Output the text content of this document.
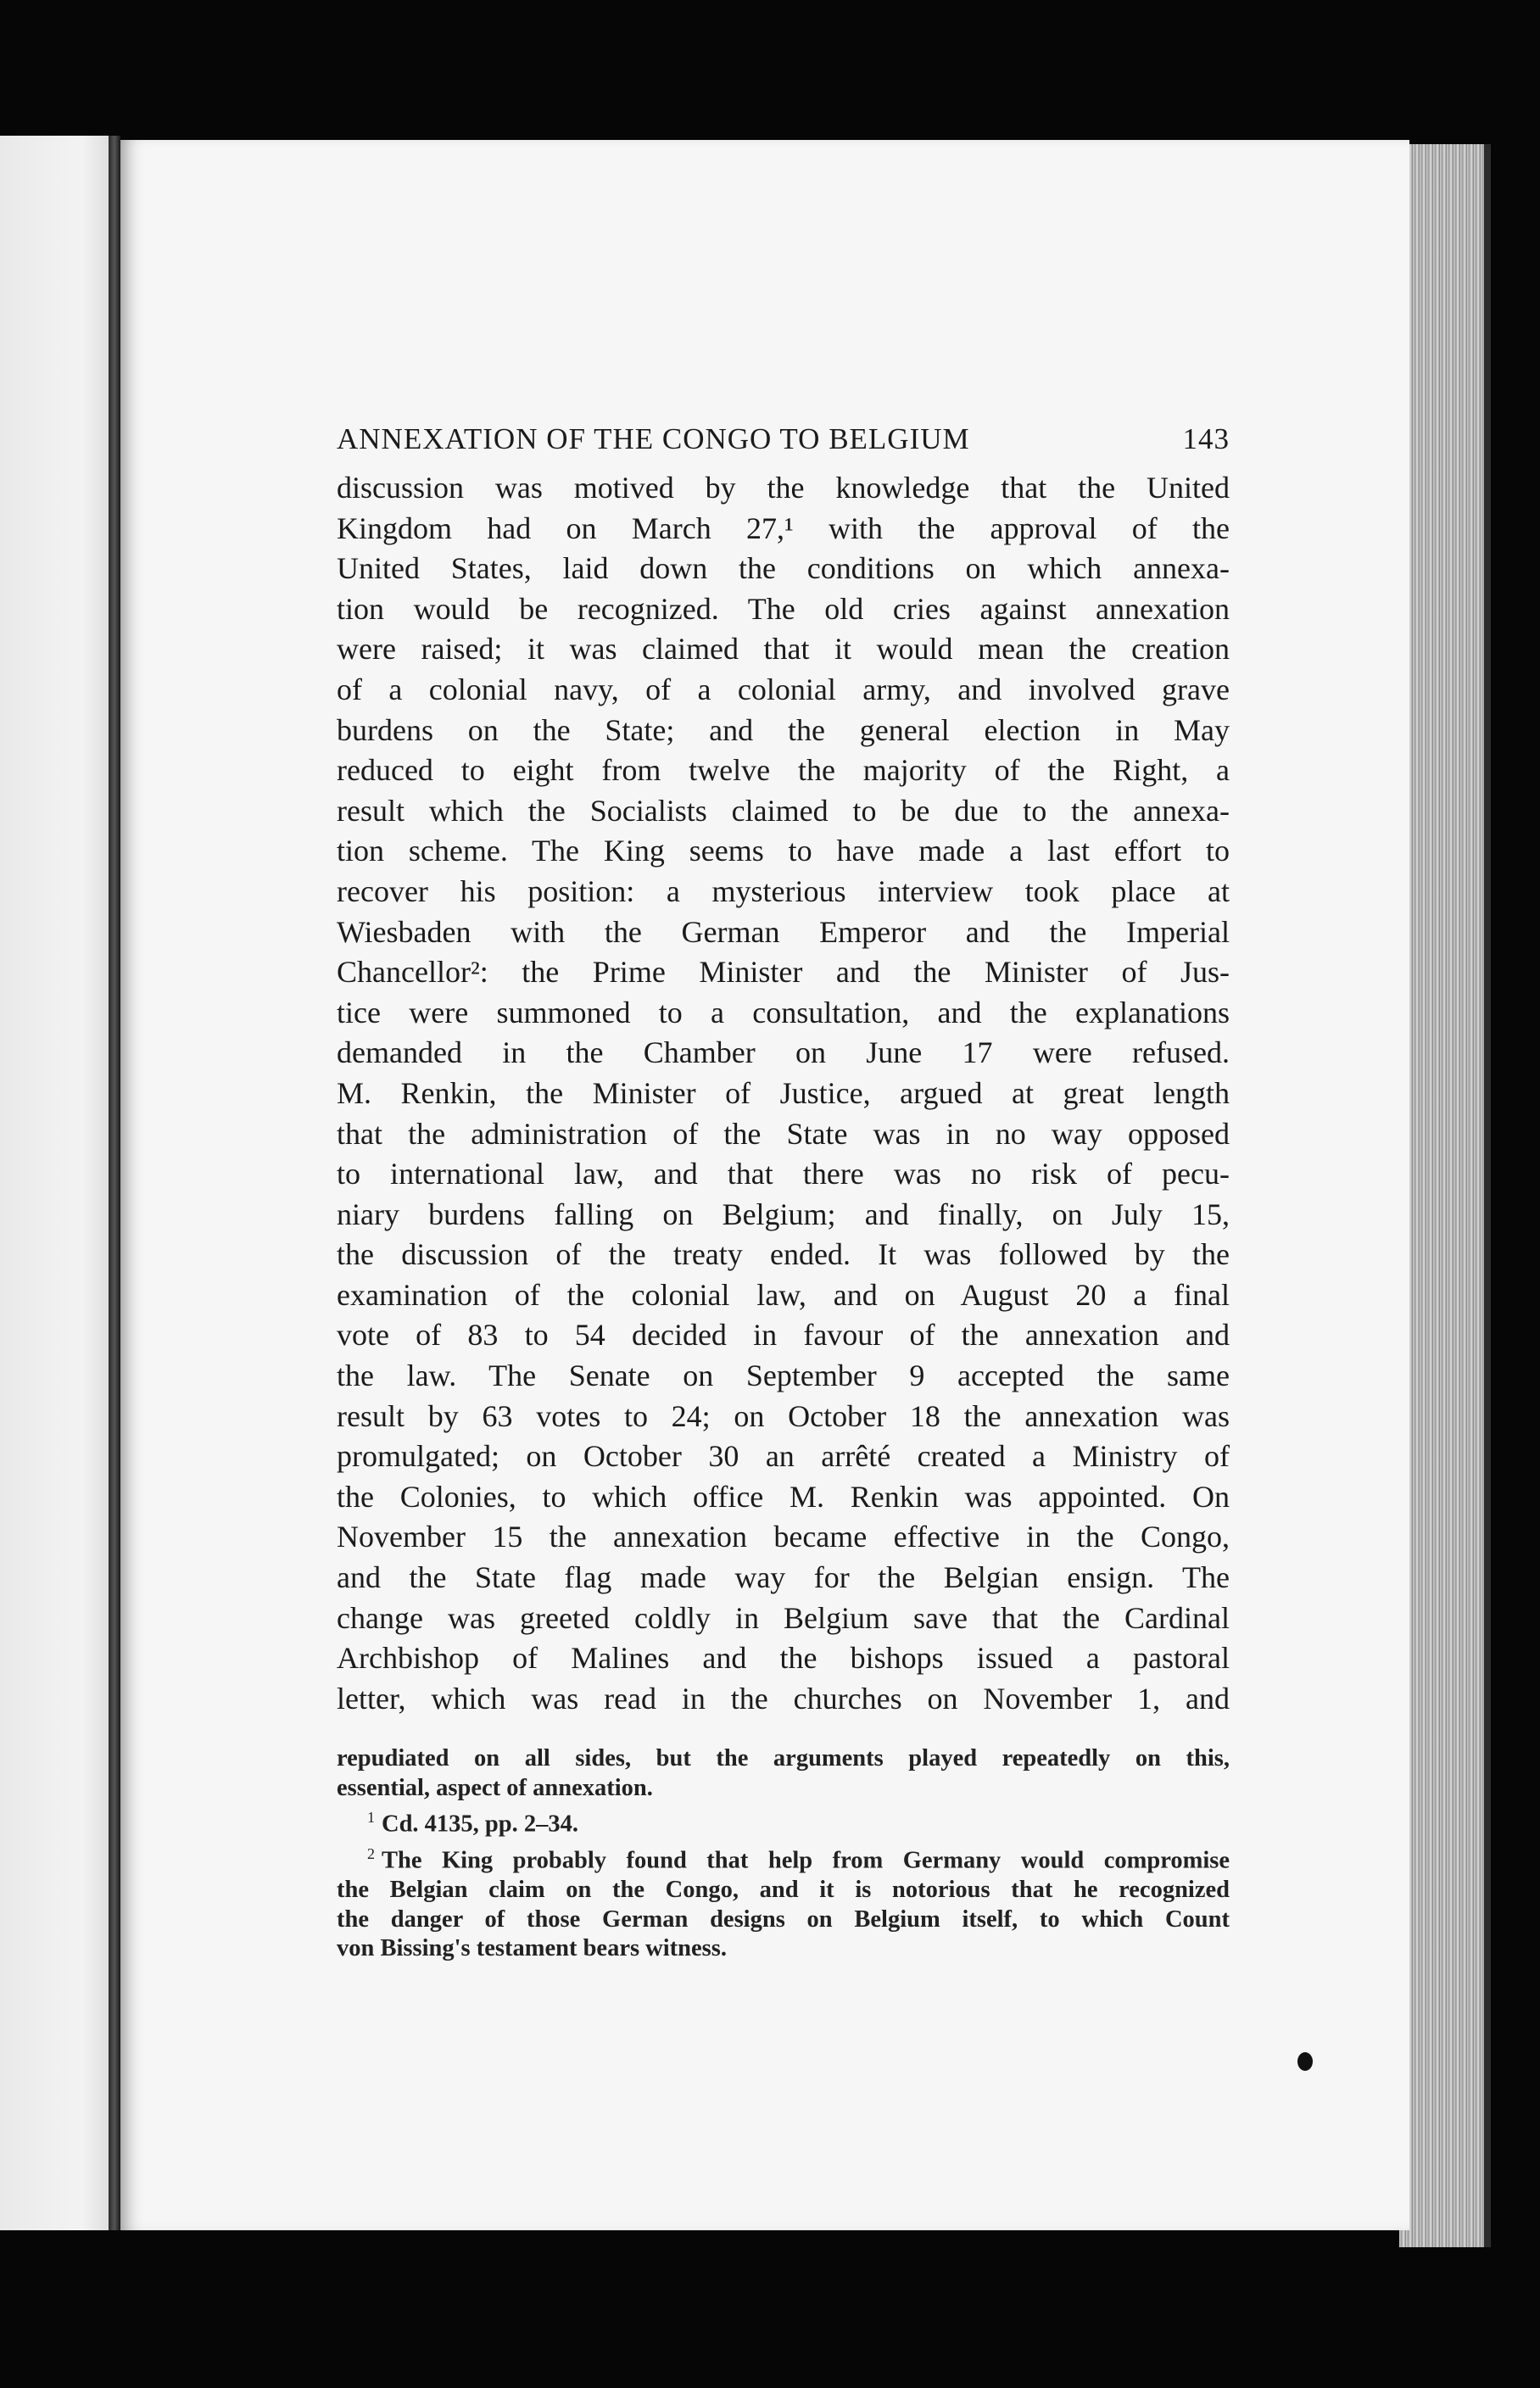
ANNEXATION OF THE CONGO TO BELGIUM	143

discussion was motived by the knowledge that the United
Kingdom had on March 27,¹ with the approval of the
United States, laid down the conditions on which annexa-
tion would be recognized. The old cries against annexation
were raised; it was claimed that it would mean the creation
of a colonial navy, of a colonial army, and involved grave
burdens on the State; and the general election in May
reduced to eight from twelve the majority of the Right, a
result which the Socialists claimed to be due to the annexa-
tion scheme. The King seems to have made a last effort to
recover his position: a mysterious interview took place at
Wiesbaden with the German Emperor and the Imperial
Chancellor²: the Prime Minister and the Minister of Jus-
tice were summoned to a consultation, and the explanations
demanded in the Chamber on June 17 were refused.
M. Renkin, the Minister of Justice, argued at great length
that the administration of the State was in no way opposed
to international law, and that there was no risk of pecu-
niary burdens falling on Belgium; and finally, on July 15,
the discussion of the treaty ended. It was followed by the
examination of the colonial law, and on August 20 a final
vote of 83 to 54 decided in favour of the annexation and
the law. The Senate on September 9 accepted the same
result by 63 votes to 24; on October 18 the annexation was
promulgated; on October 30 an arrêté created a Ministry of
the Colonies, to which office M. Renkin was appointed. On
November 15 the annexation became effective in the Congo,
and the State flag made way for the Belgian ensign. The
change was greeted coldly in Belgium save that the Cardinal
Archbishop of Malines and the bishops issued a pastoral
letter, which was read in the churches on November 1, and

repudiated on all sides, but the arguments played repeatedly on this,
essential, aspect of annexation.
$^1$ Cd. 4135, pp. 2–34.
$^2$ The King probably found that help from Germany would compromise
the Belgian claim on the Congo, and it is notorious that he recognized
the danger of those German designs on Belgium itself, to which Count
von Bissing's testament bears witness.
